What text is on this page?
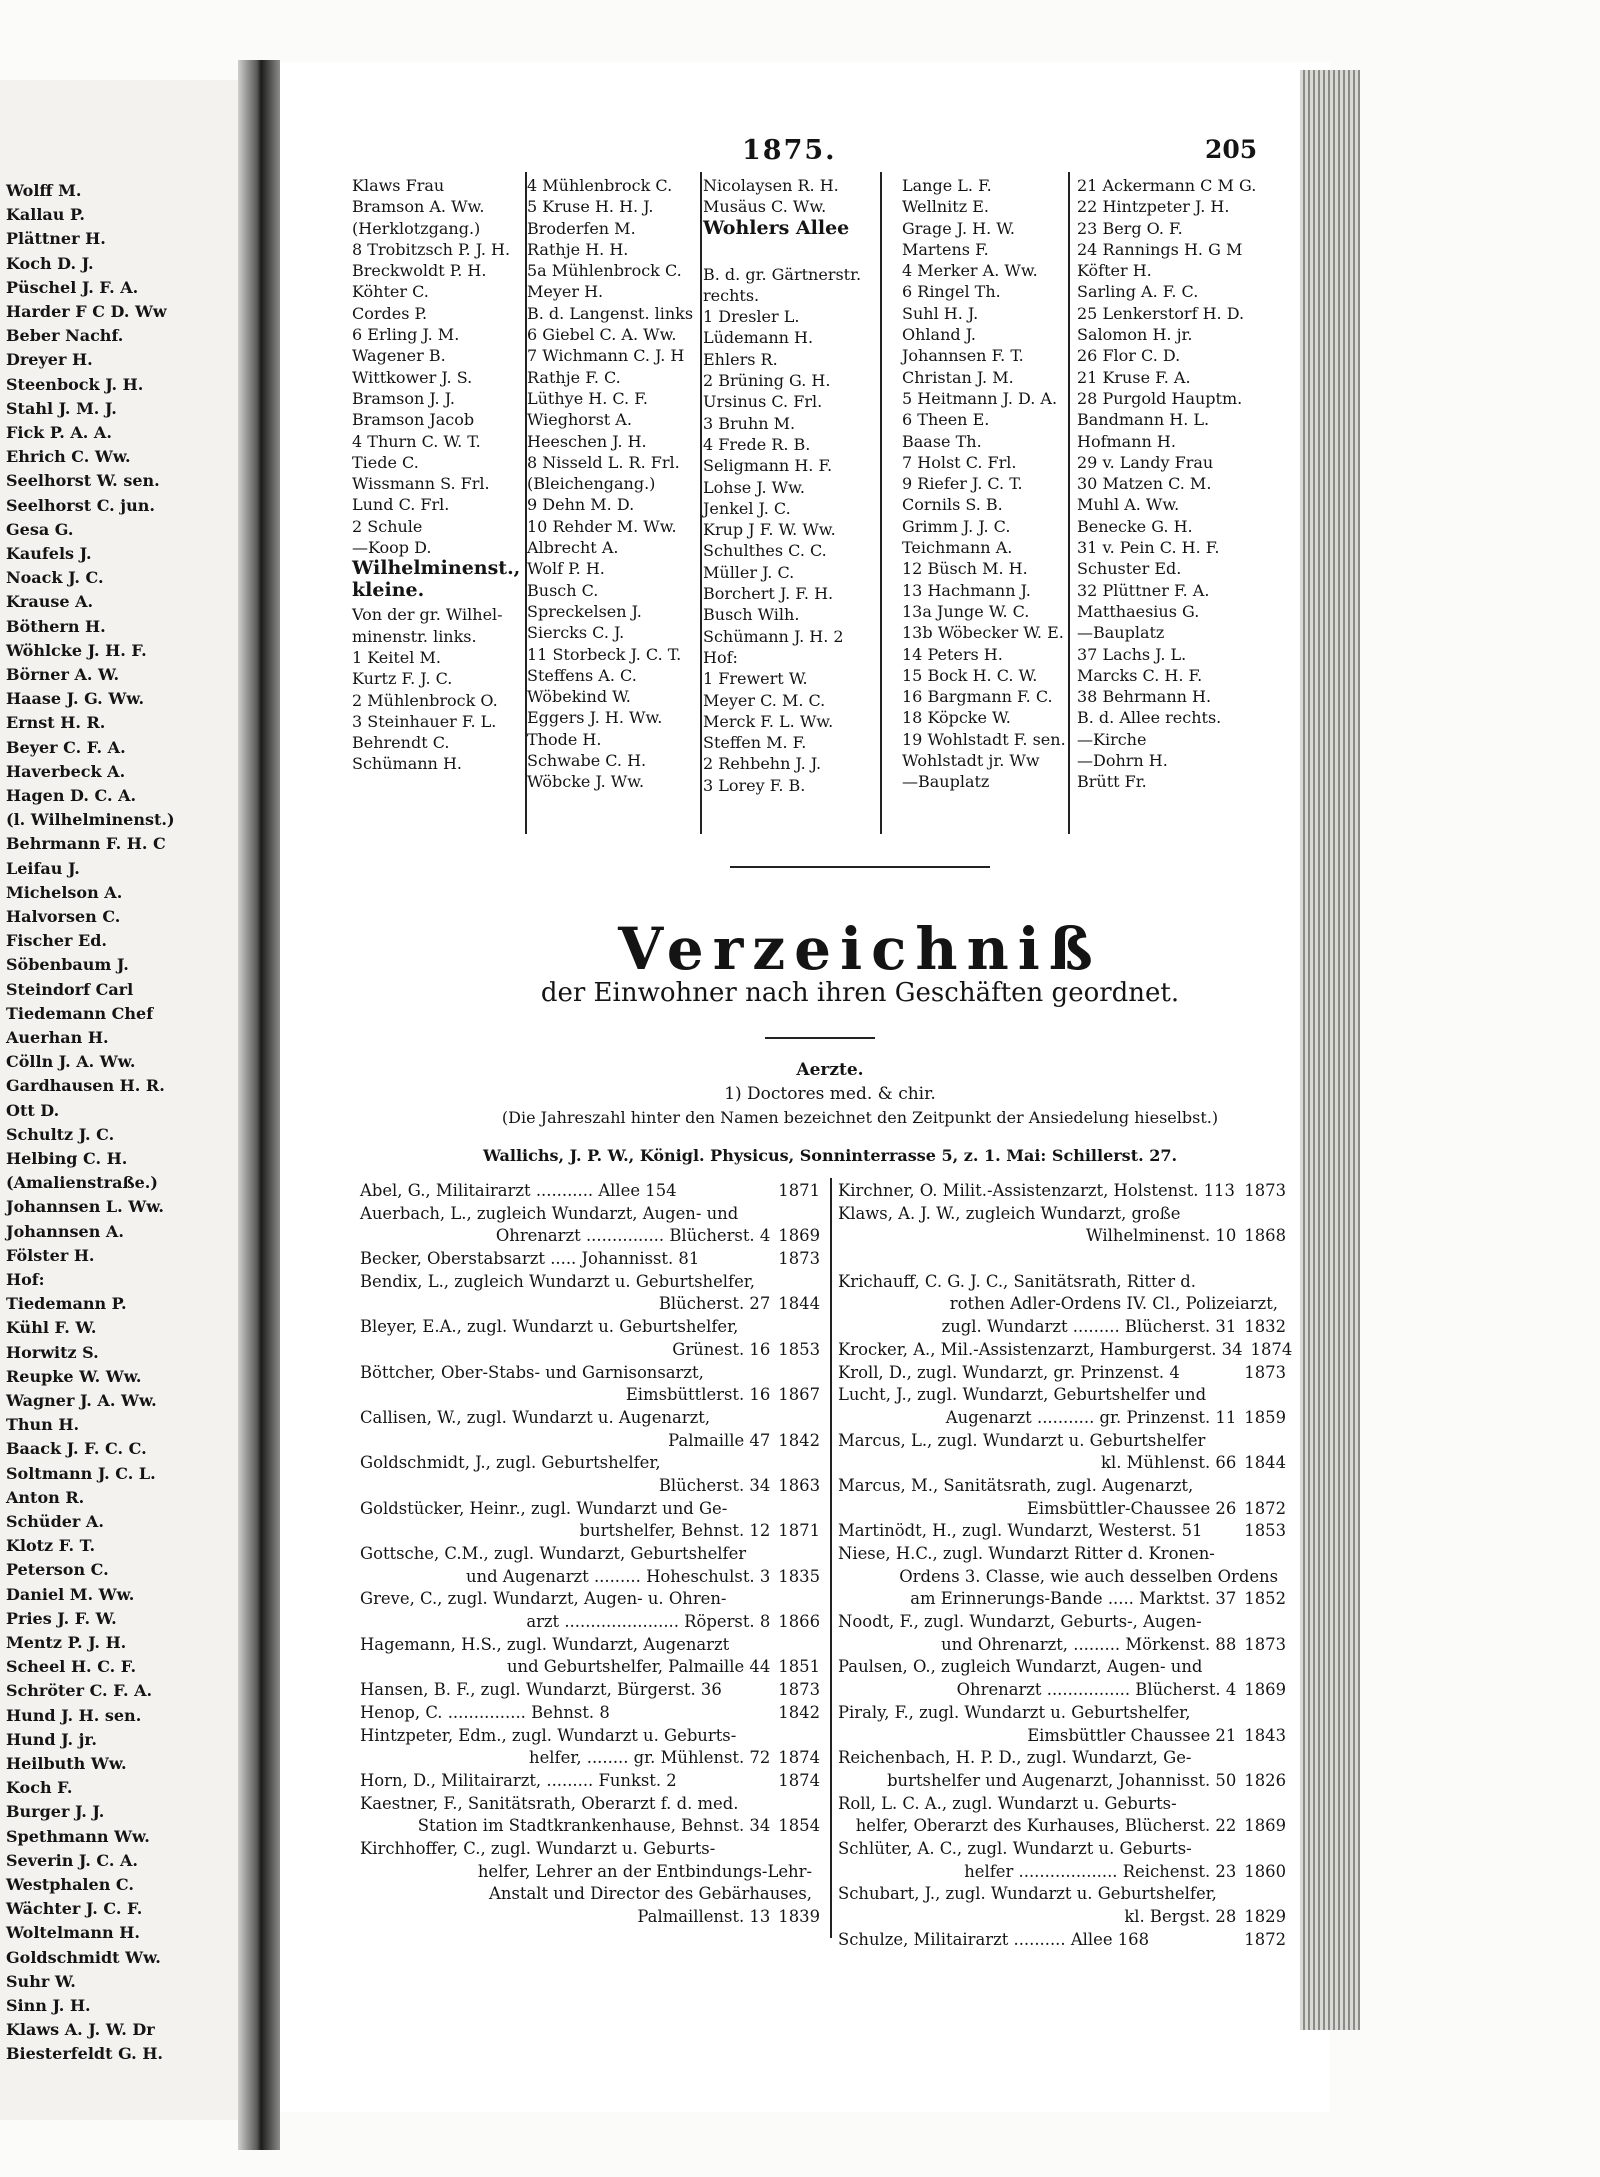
Wolff M.
Kallau P.
Plättner H.
Koch D. J.
Püschel J. F. A.
Harder F C D. Ww
Beber Nachf.
Dreyer H.
Steenbock J. H.
Stahl J. M. J.
Fick P. A. A.
Ehrich C. Ww.
Seelhorst W. sen.
Seelhorst C. jun.
Gesa G.
Kaufels J.
Noack J. C.
Krause A.
Böthern H.
Wöhlcke J. H. F.
Börner A. W.
Haase J. G. Ww.
Ernst H. R.
Beyer C. F. A.
Haverbeck A.
Hagen D. C. A.
(l. Wilhelminenst.)
Behrmann F. H. C
Leifau J.
Michelson A.
Halvorsen C.
Fischer Ed.
Söbenbaum J.
Steindorf Carl
Tiedemann Chef
Auerhan H.
Cölln J. A. Ww.
Gardhausen H. R.
Ott D.
Schultz J. C.
Helbing C. H.
(Amalienstraße.)
Johannsen L. Ww.
Johannsen A.
Fölster H.
Hof:
Tiedemann P.
Kühl F. W.
Horwitz S.
Reupke W. Ww.
Wagner J. A. Ww.
Thun H.
Baack J. F. C. C.
Soltmann J. C. L.
Anton R.
Schüder A.
Klotz F. T.
Peterson C.
Daniel M. Ww.
Pries J. F. W.
Mentz P. J. H.
Scheel H. C. F.
Schröter C. F. A.
Hund J. H. sen.
Hund J. jr.
Heilbuth Ww.
Koch F.
Burger J. J.
Spethmann Ww.
Severin J. C. A.
Westphalen C.
Wächter J. C. F.
Woltelmann H.
Goldschmidt Ww.
Suhr W.
Sinn J. H.
Klaws A. J. W. Dr
Biesterfeldt G. H.
1875.	205
Klaws Frau
Bramson A. Ww.
(Herklotzgang.)
8 Trobitzsch P. J. H.
Breckwoldt P. H.
Köhter C.
Cordes P.
6 Erling J. M.
Wagener B.
Wittkower J. S.
Bramson J. J.
Bramson Jacob
4 Thurn C. W. T.
Tiede C.
Wissmann S. Frl.
Lund C. Frl.
2 Schule
—Koop D.
Wilhelminenst., kleine.
Von der gr. Wilhel-
minenstr. links.
1 Keitel M.
Kurtz F. J. C.
2 Mühlenbrock O.
3 Steinhauer F. L.
Behrendt C.
Schümann H.
4 Mühlenbrock C.
5 Kruse H. H. J.
Broderfen M.
Rathje H. H.
5a Mühlenbrock C.
Meyer H.
B. d. Langenst. links
6 Giebel C. A. Ww.
7 Wichmann C. J. H
Rathje F. C.
Lüthye H. C. F.
Wieghorst A.
Heeschen J. H.
8 Nisseld L. R. Frl.
(Bleichengang.)
9 Dehn M. D.
10 Rehder M. Ww.
Albrecht A.
Wolf P. H.
Busch C.
Spreckelsen J.
Siercks C. J.
11 Storbeck J. C. T.
Steffens A. C.
Wöbekind W.
Eggers J. H. Ww.
Thode H.
Schwabe C. H.
Wöbcke J. Ww.
Nicolaysen R. H.
Musäus C. Ww.
Wohlers Allee
B. d. gr. Gärtnerstr.
rechts.
1 Dresler L.
Lüdemann H.
Ehlers R.
2 Brüning G. H.
Ursinus C. Frl.
3 Bruhn M.
4 Frede R. B.
Seligmann H. F.
Lohse J. Ww.
Jenkel J. C.
Krup J F. W. Ww.
Schulthes C. C.
Müller J. C.
Borchert J. F. H.
Busch Wilh.
Schümann J. H. 2
Hof:
1 Frewert W.
Meyer C. M. C.
Merck F. L. Ww.
Steffen M. F.
2 Rehbehn J. J.
3 Lorey F. B.
Lange L. F.
Wellnitz E.
Grage J. H. W.
Martens F.
4 Merker A. Ww.
6 Ringel Th.
Suhl H. J.
Ohland J.
Johannsen F. T.
Christan J. M.
5 Heitmann J. D. A.
6 Theen E.
Baase Th.
7 Holst C. Frl.
9 Riefer J. C. T.
Cornils S. B.
Grimm J. J. C.
Teichmann A.
12 Büsch M. H.
13 Hachmann J.
13a Junge W. C.
13b Wöbecker W. E.
14 Peters H.
15 Bock H. C. W.
16 Bargmann F. C.
18 Köpcke W.
19 Wohlstadt F. sen.
Wohlstadt jr. Ww
—Bauplatz
21 Ackermann C M G.
22 Hintzpeter J. H.
23 Berg O. F.
24 Rannings H. G M
Köfter H.
Sarling A. F. C.
25 Lenkerstorf H. D.
Salomon H. jr.
26 Flor C. D.
21 Kruse F. A.
28 Purgold Hauptm.
Bandmann H. L.
Hofmann H.
29 v. Landy Frau
30 Matzen C. M.
Muhl A. Ww.
Benecke G. H.
31 v. Pein C. H. F.
Schuster Ed.
32 Plüttner F. A.
Matthaesius G.
—Bauplatz
37 Lachs J. L.
Marcks C. H. F.
38 Behrmann H.
B. d. Allee rechts.
—Kirche
—Dohrn H.
Brütt Fr.
Verzeichniß
der Einwohner nach ihren Geschäften geordnet.
Aerzte.
1) Doctores med. & chir.
(Die Jahreszahl hinter den Namen bezeichnet den Zeitpunkt der Ansiedelung hieselbst.)
Wallichs, J. P. W., Königl. Physicus, Sonninterrasse 5, z. 1. Mai: Schillerst. 27.
Abel, G., Militairarzt ........... Allee 154	1871
Auerbach, L., zugleich Wundarzt, Augen- und
Ohrenarzt ............... Blücherst. 4 1869
Becker, Oberstabsarzt ..... Johannisst. 81	1873
Bendix, L., zugleich Wundarzt u. Geburtshelfer,
Blücherst. 27 1844
Bleyer, E.A., zugl. Wundarzt u. Geburtshelfer,
Grünest. 16 1853
Böttcher, Ober-Stabs- und Garnisonsarzt,
Eimsbüttlerst. 16 1867
Callisen, W., zugl. Wundarzt u. Augenarzt,
Palmaille 47 1842
Goldschmidt, J., zugl. Geburtshelfer,
Blücherst. 34 1863
Goldstücker, Heinr., zugl. Wundarzt und Ge-
burtshelfer, Behnst. 12 1871
Gottsche, C.M., zugl. Wundarzt, Geburtshelfer
und Augenarzt ......... Hoheschulst. 3 1835
Greve, C., zugl. Wundarzt, Augen- u. Ohren-
arzt ...................... Röperst. 8 1866
Hagemann, H.S., zugl. Wundarzt, Augenarzt
und Geburtshelfer, Palmaille 44 1851
Hansen, B. F., zugl. Wundarzt, Bürgerst. 36	1873
Henop, C. ............... Behnst. 8	1842
Hintzpeter, Edm., zugl. Wundarzt u. Geburts-
helfer, ........ gr. Mühlenst. 72 1874
Horn, D., Militairarzt, ......... Funkst. 2	1874
Kaestner, F., Sanitätsrath, Oberarzt f. d. med.
Station im Stadtkrankenhause, Behnst. 34 1854
Kirchhoffer, C., zugl. Wundarzt u. Geburts-
helfer, Lehrer an der Entbindungs-Lehr-
Anstalt und Director des Gebärhauses,
Palmaillenst. 13 1839
Kirchner, O. Milit.-Assistenzarzt, Holstenst. 113 1873
Klaws, A. J. W., zugleich Wundarzt, große
Wilhelminenst. 10 1868
Krichauff, C. G. J. C., Sanitätsrath, Ritter d.
rothen Adler-Ordens IV. Cl., Polizeiarzt,
zugl. Wundarzt ......... Blücherst. 31 1832
Krocker, A., Mil.-Assistenzarzt, Hamburgerst. 34 1874
Kroll, D., zugl. Wundarzt, gr. Prinzenst. 4	1873
Lucht, J., zugl. Wundarzt, Geburtshelfer und
Augenarzt ........... gr. Prinzenst. 11 1859
Marcus, L., zugl. Wundarzt u. Geburtshelfer
kl. Mühlenst. 66 1844
Marcus, M., Sanitätsrath, zugl. Augenarzt,
Eimsbüttler-Chaussee 26 1872
Martinödt, H., zugl. Wundarzt, Westerst. 51	1853
Niese, H.C., zugl. Wundarzt Ritter d. Kronen-
Ordens 3. Classe, wie auch desselben Ordens
am Erinnerungs-Bande ..... Marktst. 37 1852
Noodt, F., zugl. Wundarzt, Geburts-, Augen-
und Ohrenarzt, ......... Mörkenst. 88 1873
Paulsen, O., zugleich Wundarzt, Augen- und
Ohrenarzt ................ Blücherst. 4 1869
Piraly, F., zugl. Wundarzt u. Geburtshelfer,
Eimsbüttler Chaussee 21 1843
Reichenbach, H. P. D., zugl. Wundarzt, Ge-
burtshelfer und Augenarzt, Johannisst. 50 1826
Roll, L. C. A., zugl. Wundarzt u. Geburts-
helfer, Oberarzt des Kurhauses, Blücherst. 22 1869
Schlüter, A. C., zugl. Wundarzt u. Geburts-
helfer ................... Reichenst. 23 1860
Schubart, J., zugl. Wundarzt u. Geburtshelfer,
kl. Bergst. 28 1829
Schulze, Militairarzt .......... Allee 168	1872
